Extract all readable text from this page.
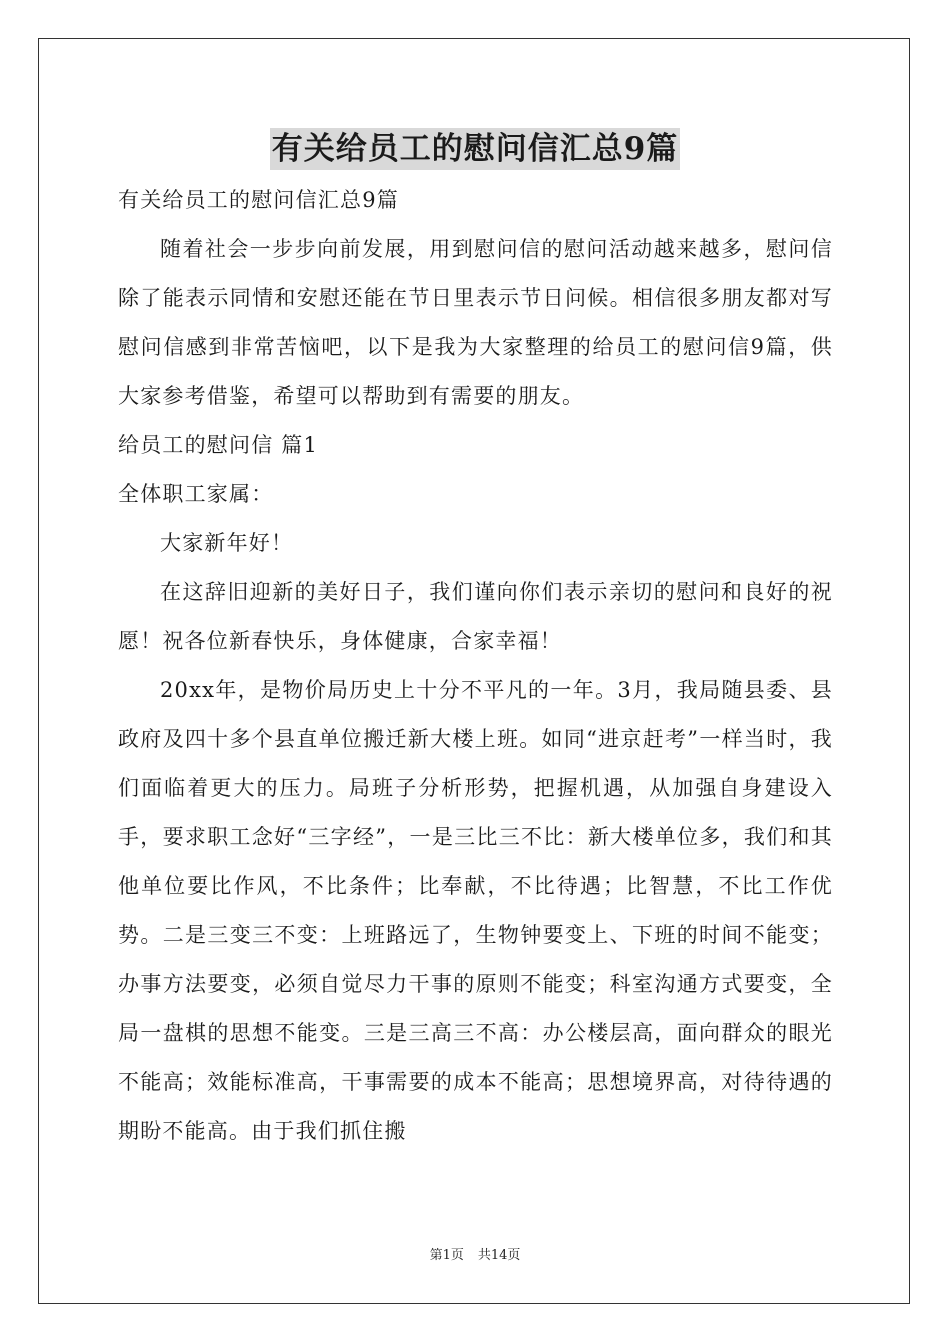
有关给员工的慰问信汇总9篇

有关给员工的慰问信汇总9篇

随着社会一步步向前发展，用到慰问信的慰问活动越来越多，慰问信除了能表示同情和安慰还能在节日里表示节日问候。相信很多朋友都对写慰问信感到非常苦恼吧，以下是我为大家整理的给员工的慰问信9篇，供大家参考借鉴，希望可以帮助到有需要的朋友。

给员工的慰问信 篇1

全体职工家属：

大家新年好！

在这辞旧迎新的美好日子，我们谨向你们表示亲切的慰问和良好的祝愿！祝各位新春快乐，身体健康，合家幸福！

20xx年，是物价局历史上十分不平凡的一年。3月，我局随县委、县政府及四十多个县直单位搬迁新大楼上班。如同“进京赶考”一样当时，我们面临着更大的压力。局班子分析形势，把握机遇，从加强自身建设入手，要求职工念好“三字经”，一是三比三不比：新大楼单位多，我们和其他单位要比作风，不比条件；比奉献，不比待遇；比智慧，不比工作优势。二是三变三不变：上班路远了，生物钟要变上、下班的时间不能变；办事方法要变，必须自觉尽力干事的原则不能变；科室沟通方式要变，全局一盘棋的思想不能变。三是三高三不高：办公楼层高，面向群众的眼光不能高；效能标准高，干事需要的成本不能高；思想境界高，对待待遇的期盼不能高。由于我们抓住搬

第1页 共14页
